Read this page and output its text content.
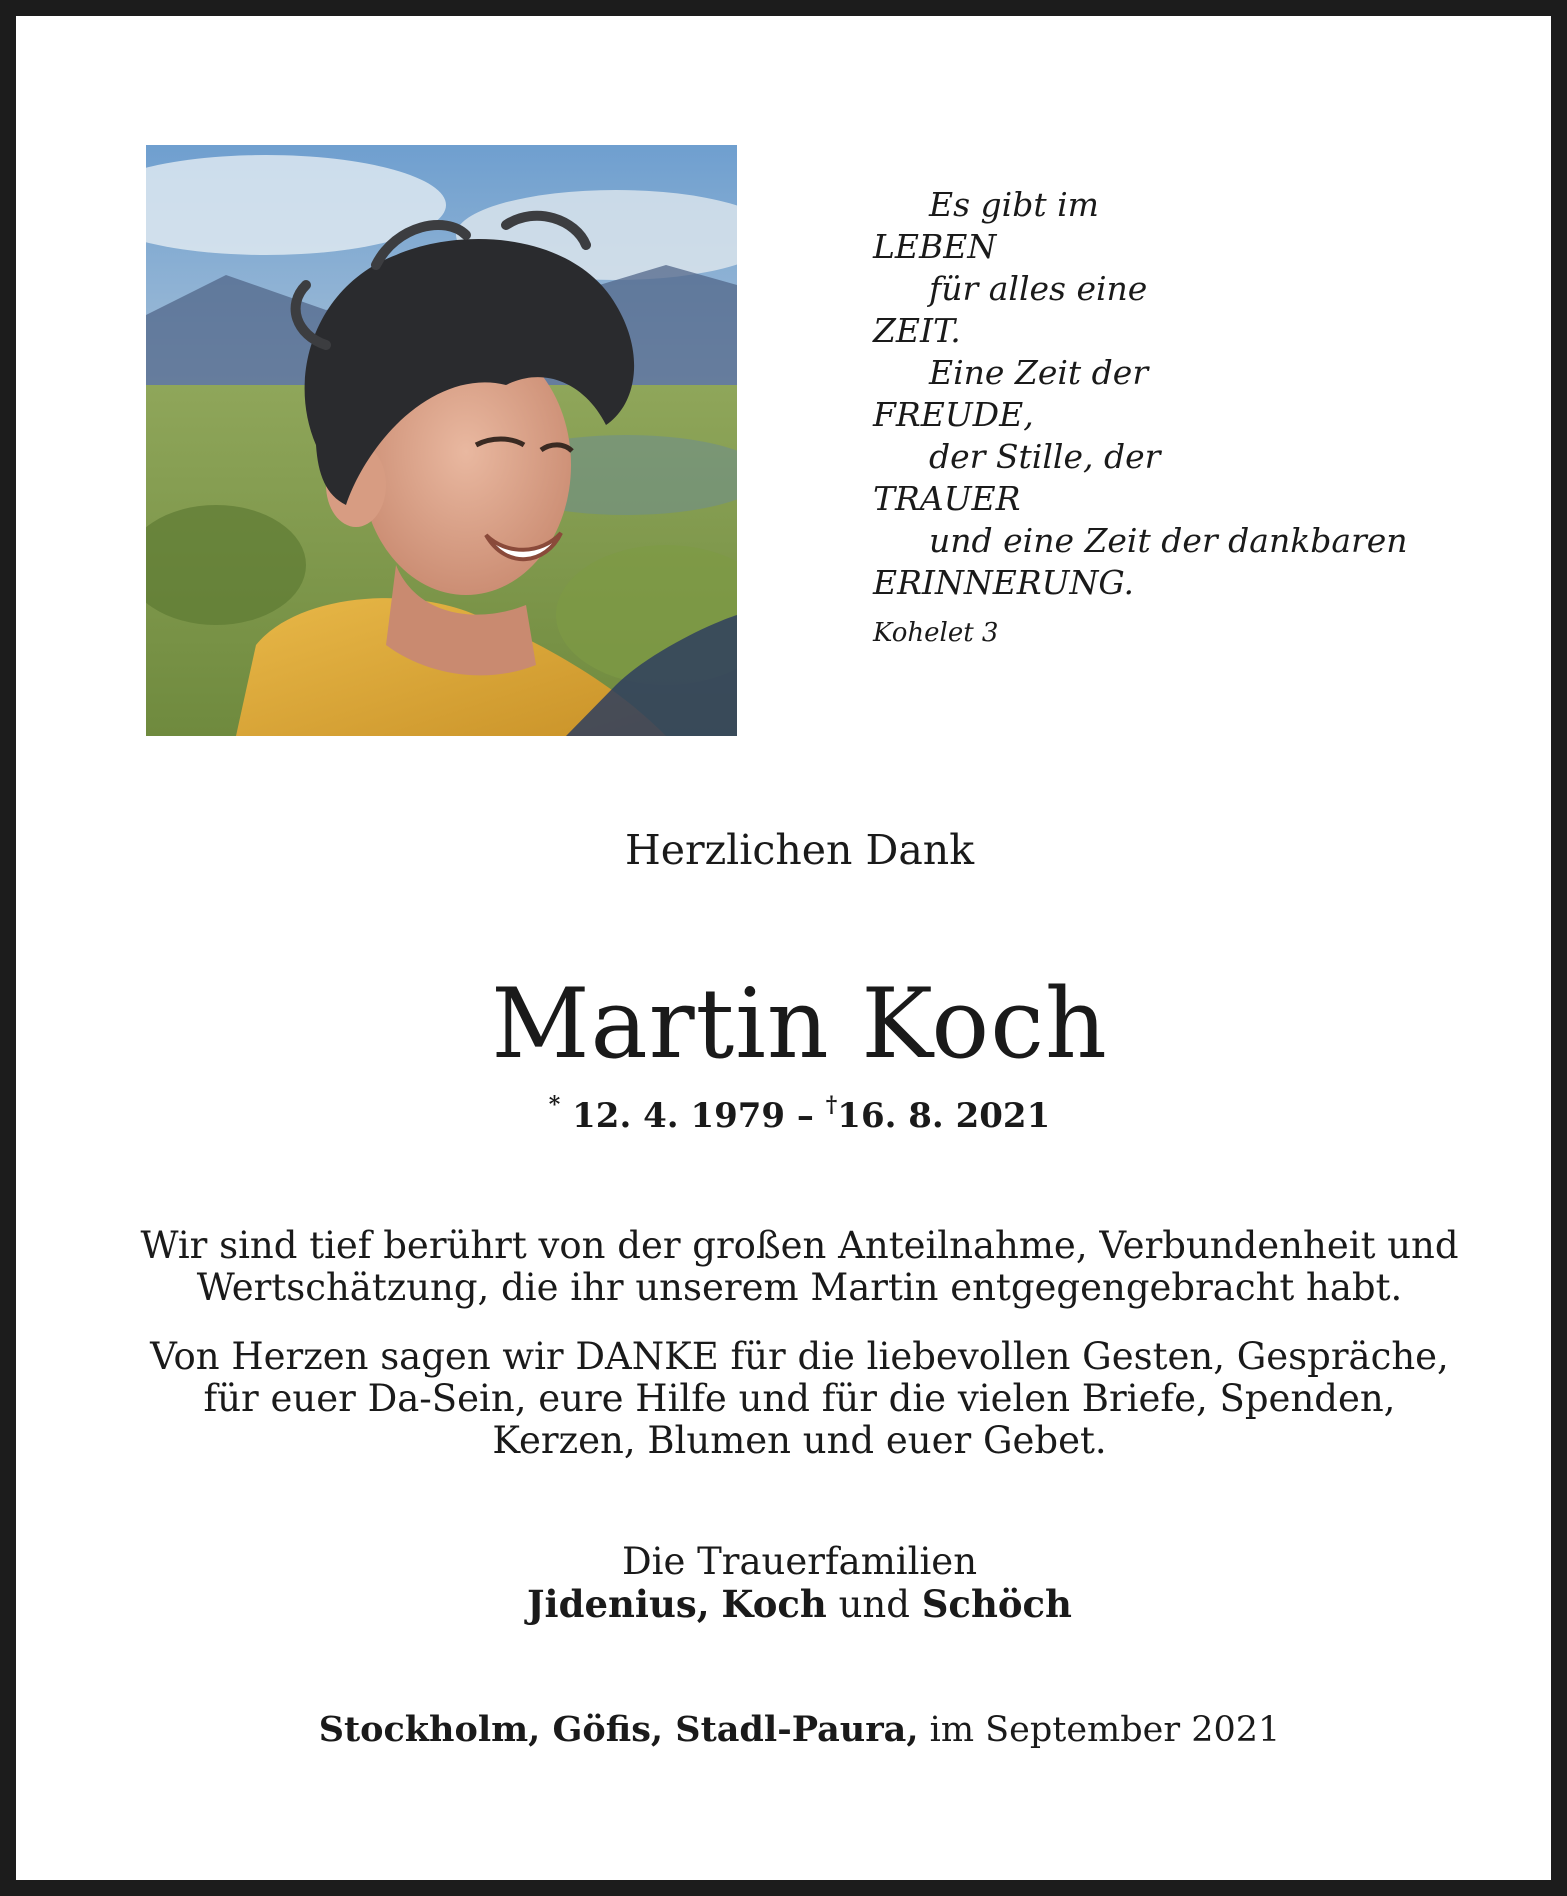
Es gibt im
LEBEN
für alles eine
ZEIT.
Eine Zeit der
FREUDE,
der Stille, der
TRAUER
und eine Zeit der dankbaren
ERINNERUNG.
Kohelet 3
Herzlichen Dank
Martin Koch
* 12. 4. 1979 – †16. 8. 2021
Wir sind tief berührt von der großen Anteilnahme, Verbundenheit und
Wertschätzung, die ihr unserem Martin entgegengebracht habt.
Von Herzen sagen wir DANKE für die liebevollen Gesten, Gespräche,
für euer Da-Sein, eure Hilfe und für die vielen Briefe, Spenden,
Kerzen, Blumen und euer Gebet.
Die Trauerfamilien
Jidenius, Koch und Schöch
Stockholm, Göfis, Stadl-Paura, im September 2021
